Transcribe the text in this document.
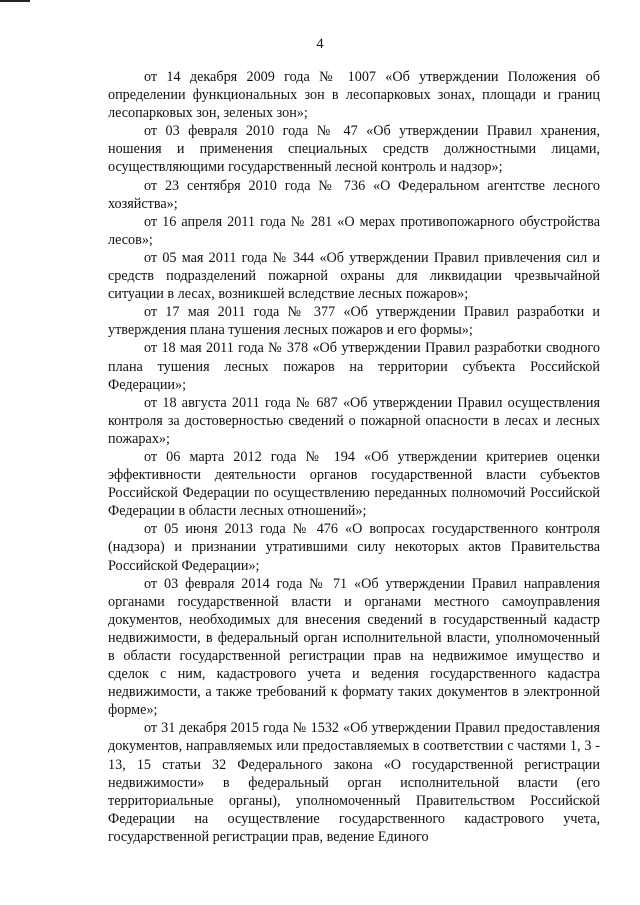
4

от 14 декабря 2009 года № 1007 «Об утверждении Положения об определении функциональных зон в лесопарковых зонах, площади и границ лесопарковых зон, зеленых зон»;

от 03 февраля 2010 года № 47 «Об утверждении Правил хранения, ношения и применения специальных средств должностными лицами, осуществляющими государственный лесной контроль и надзор»;

от 23 сентября 2010 года № 736 «О Федеральном агентстве лесного хозяйства»;

от 16 апреля 2011 года № 281 «О мерах противопожарного обустройства лесов»;

от 05 мая 2011 года № 344 «Об утверждении Правил привлечения сил и средств подразделений пожарной охраны для ликвидации чрезвычайной ситуации в лесах, возникшей вследствие лесных пожаров»;

от 17 мая 2011 года № 377 «Об утверждении Правил разработки и утверждения плана тушения лесных пожаров и его формы»;

от 18 мая 2011 года № 378 «Об утверждении Правил разработки сводного плана тушения лесных пожаров на территории субъекта Российской Федерации»;

от 18 августа 2011 года № 687 «Об утверждении Правил осуществления контроля за достоверностью сведений о пожарной опасности в лесах и лесных пожарах»;

от 06 марта 2012 года № 194 «Об утверждении критериев оценки эффективности деятельности органов государственной власти субъектов Российской Федерации по осуществлению переданных полномочий Российской Федерации в области лесных отношений»;

от 05 июня 2013 года № 476 «О вопросах государственного контроля (надзора) и признании утратившими силу некоторых актов Правительства Российской Федерации»;

от 03 февраля 2014 года № 71 «Об утверждении Правил направления органами государственной власти и органами местного самоуправления документов, необходимых для внесения сведений в государственный кадастр недвижимости, в федеральный орган исполнительной власти, уполномоченный в области государственной регистрации прав на недвижимое имущество и сделок с ним, кадастрового учета и ведения государственного кадастра недвижимости, а также требований к формату таких документов в электронной форме»;

от 31 декабря 2015 года № 1532 «Об утверждении Правил предоставления документов, направляемых или предоставляемых в соответствии с частями 1, 3 - 13, 15 статьи 32 Федерального закона «О государственной регистрации недвижимости» в федеральный орган исполнительной власти (его территориальные органы), уполномоченный Правительством Российской Федерации на осуществление государственного кадастрового учета, государственной регистрации прав, ведение Единого
